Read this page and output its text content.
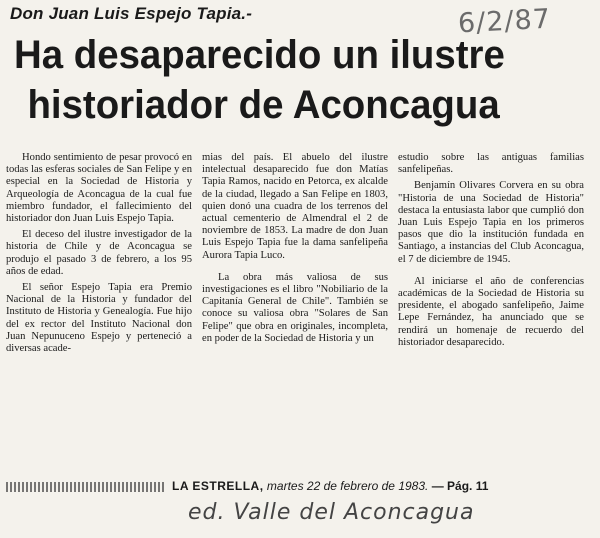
Don Juan Luis Espejo Tapia.-	6/2/87
Ha desaparecido un ilustre
historiador de Aconcagua

Hondo sentimiento de pesar provocó en todas las esferas sociales de San Felipe y en especial en la Sociedad de Historia y Arqueología de Aconcagua de la cual fue miembro fundador, el fallecimiento del historiador don Juan Luis Espejo Tapia.

El deceso del ilustre investigador de la historia de Chile y de Aconcagua se produjo el pasado 3 de febrero, a los 95 años de edad.

El señor Espejo Tapia era Premio Nacional de la Historia y fundador del Instituto de Historia y Genealogía. Fue hijo del ex rector del Instituto Nacional don Juan Nepunuceno Espejo y perteneció a diversas acade-

mias del país. El abuelo del ilustre intelectual desaparecido fue don Matías Tapia Ramos, nacido en Petorca, ex alcalde de la ciudad, llegado a San Felipe en 1803, quien donó una cuadra de los terrenos del actual cementerio de Almendral el 2 de noviembre de 1853. La madre de don Juan Luis Espejo Tapia fue la dama sanfelipeña Aurora Tapia Luco.

La obra más valiosa de sus investigaciones es el libro "Nobiliario de la Capitanía General de Chile". También se conoce su valiosa obra "Solares de San Felipe" que obra en originales, incompleta, en poder de la Sociedad de Historia y un

estudio sobre las antiguas familias sanfelipeñas.

Benjamín Olivares Corvera en su obra "Historia de una Sociedad de Historia" destaca la entusiasta labor que cumplió don Juan Luis Espejo Tapia en los primeros pasos que dio la institución fundada en Santiago, a instancias del Club Aconcagua, el 7 de diciembre de 1945.

Al iniciarse el año de conferencias académicas de la Sociedad de Historia su presidente, el abogado sanfelipeño, Jaime Lepe Fernández, ha anunciado que se rendirá un homenaje de recuerdo del historiador desaparecido.

LA ESTRELLA, martes 22 de febrero de 1983. — Pág. 11
ed. Valle del Aconcagua
